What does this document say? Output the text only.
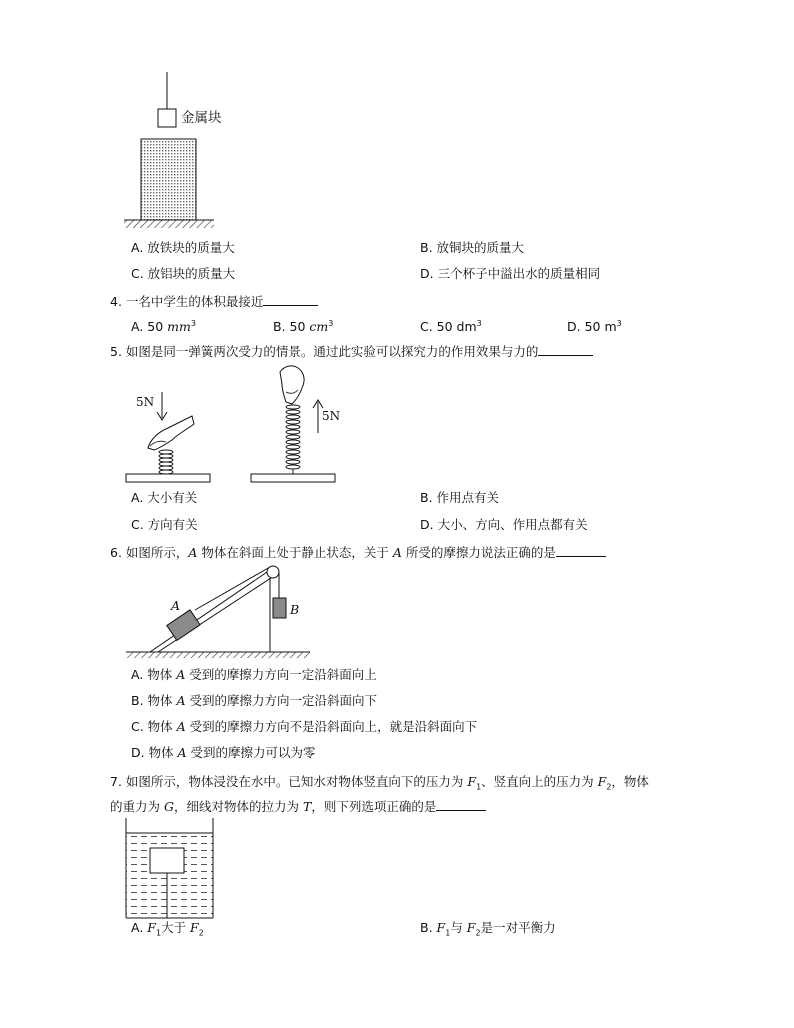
金属块
A. 放铁块的质量大	B. 放铜块的质量大
C. 放铝块的质量大	D. 三个杯子中溢出水的质量相同
4. 一名中学生的体积最接近
A. 50 $mm^3$	B. 50 $cm^3$	C. 50 $dm^3$	D. 50 $m^3$
5. 如图是同一弹簧两次受力的情景。通过此实验可以探究力的作用效果与力的
5N
5N
A. 大小有关	B. 作用点有关
C. 方向有关	D. 大小、方向、作用点都有关
6. 如图所示，A 物体在斜面上处于静止状态，关于 A 所受的摩擦力说法正确的是
A	B
A. 物体 A 受到的摩擦力方向一定沿斜面向上
B. 物体 A 受到的摩擦力方向一定沿斜面向下
C. 物体 A 受到的摩擦力方向不是沿斜面向上，就是沿斜面向下
D. 物体 A 受到的摩擦力可以为零
7. 如图所示，物体浸没在水中。已知水对物体竖直向下的压力为 $F_1$、竖直向上的压力为 $F_2$，物体
的重力为 G，细线对物体的拉力为 T，则下列选项正确的是
A. $F_1$大于 $F_2$	B. $F_1$与 $F_2$是一对平衡力
